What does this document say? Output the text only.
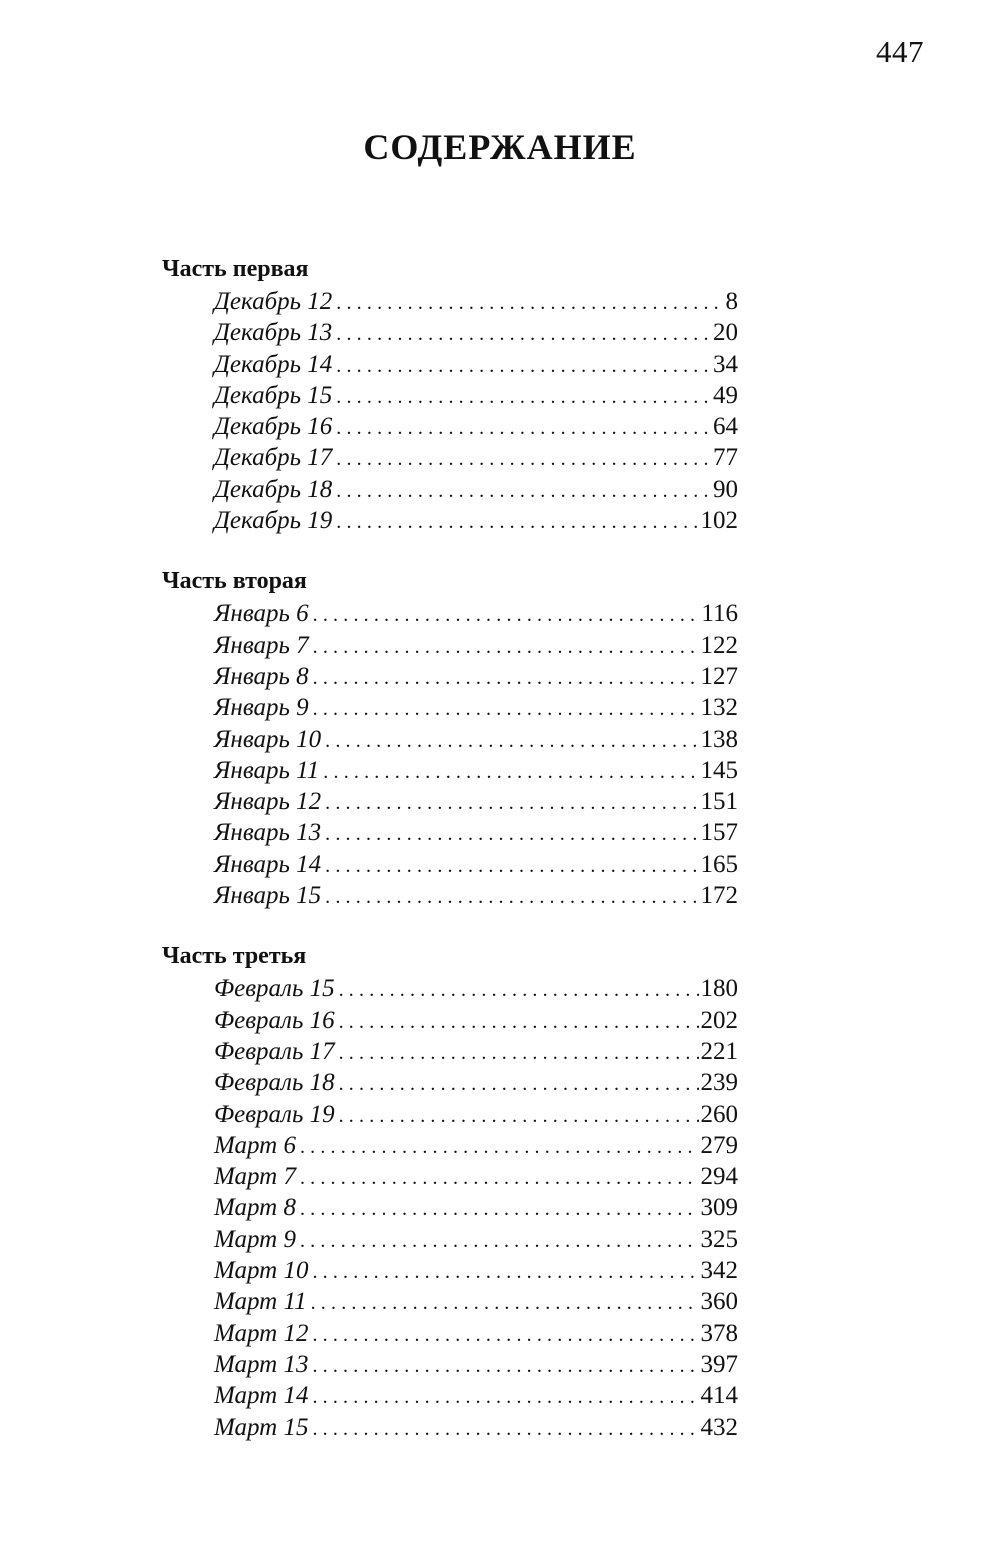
447
СОДЕРЖАНИЕ
Часть первая
Декабрь 12 .....	8
Декабрь 13 .....	20
Декабрь 14 .....	34
Декабрь 15 .....	49
Декабрь 16 .....	64
Декабрь 17 .....	77
Декабрь 18 .....	90
Декабрь 19 .....	102
Часть вторая
Январь 6 .....	116
Январь 7 .....	122
Январь 8 .....	127
Январь 9 .....	132
Январь 10 .....	138
Январь 11 .....	145
Январь 12 .....	151
Январь 13 .....	157
Январь 14 .....	165
Январь 15 .....	172
Часть третья
Февраль 15 .....	180
Февраль 16 .....	202
Февраль 17 .....	221
Февраль 18 .....	239
Февраль 19 .....	260
Март 6 .....	279
Март 7 .....	294
Март 8 .....	309
Март 9 .....	325
Март 10 .....	342
Март 11 .....	360
Март 12 .....	378
Март 13 .....	397
Март 14 .....	414
Март 15 .....	432
